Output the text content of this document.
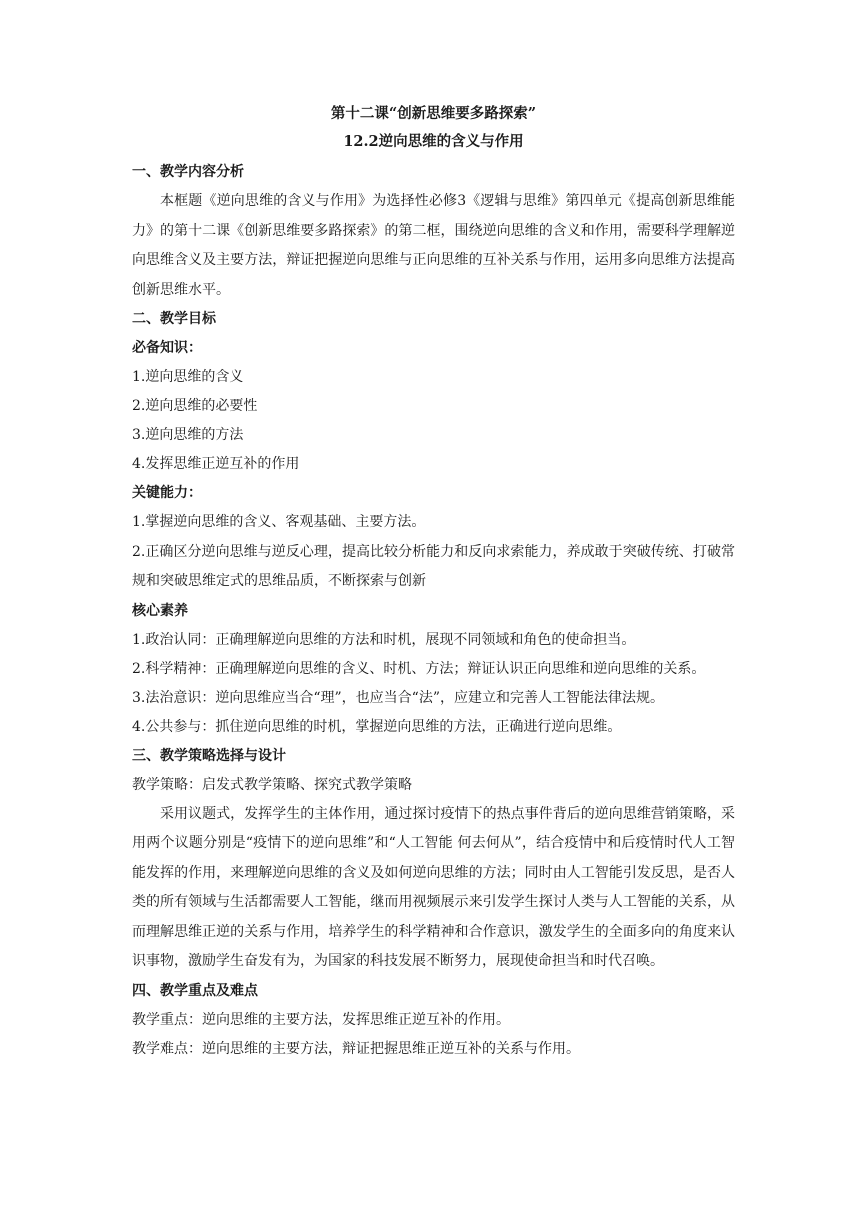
第十二课“创新思维要多路探索”

12.2逆向思维的含义与作用

一、教学内容分析

本框题《逆向思维的含义与作用》为选择性必修3《逻辑与思维》第四单元《提高创新思维能力》的第十二课《创新思维要多路探索》的第二框，围绕逆向思维的含义和作用，需要科学理解逆向思维含义及主要方法，辩证把握逆向思维与正向思维的互补关系与作用，运用多向思维方法提高创新思维水平。

二、教学目标

必备知识：

1.逆向思维的含义

2.逆向思维的必要性

3.逆向思维的方法

4.发挥思维正逆互补的作用

关键能力：

1.掌握逆向思维的含义、客观基础、主要方法。

2.正确区分逆向思维与逆反心理，提高比较分析能力和反向求索能力，养成敢于突破传统、打破常规和突破思维定式的思维品质，不断探索与创新

核心素养

1.政治认同：正确理解逆向思维的方法和时机，展现不同领域和角色的使命担当。

2.科学精神：正确理解逆向思维的含义、时机、方法；辩证认识正向思维和逆向思维的关系。

3.法治意识：逆向思维应当合“理”，也应当合“法”，应建立和完善人工智能法律法规。

4.公共参与：抓住逆向思维的时机，掌握逆向思维的方法，正确进行逆向思维。

三、教学策略选择与设计

教学策略：启发式教学策略、探究式教学策略

采用议题式，发挥学生的主体作用，通过探讨疫情下的热点事件背后的逆向思维营销策略，采用两个议题分别是“疫情下的逆向思维”和“人工智能 何去何从”，结合疫情中和后疫情时代人工智能发挥的作用，来理解逆向思维的含义及如何逆向思维的方法；同时由人工智能引发反思，是否人类的所有领域与生活都需要人工智能，继而用视频展示来引发学生探讨人类与人工智能的关系，从而理解思维正逆的关系与作用，培养学生的科学精神和合作意识，激发学生的全面多向的角度来认识事物，激励学生奋发有为，为国家的科技发展不断努力，展现使命担当和时代召唤。

四、教学重点及难点

教学重点：逆向思维的主要方法，发挥思维正逆互补的作用。

教学难点：逆向思维的主要方法，辩证把握思维正逆互补的关系与作用。
